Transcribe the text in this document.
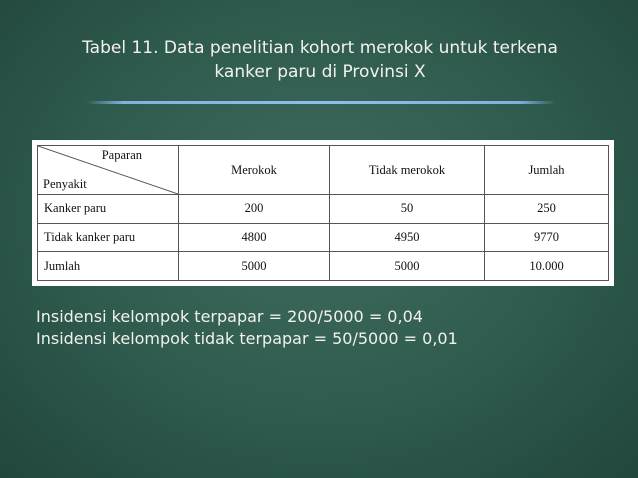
Tabel 11. Data penelitian kohort merokok untuk terkena
kanker paru di Provinsi X
Paparan
Penyakit	Merokok	Tidak merokok	Jumlah
Kanker paru	200	50	250
Tidak kanker paru	4800	4950	9770
Jumlah	5000	5000	10.000
Insidensi kelompok terpapar = 200/5000 = 0,04
Insidensi kelompok tidak terpapar = 50/5000 = 0,01
